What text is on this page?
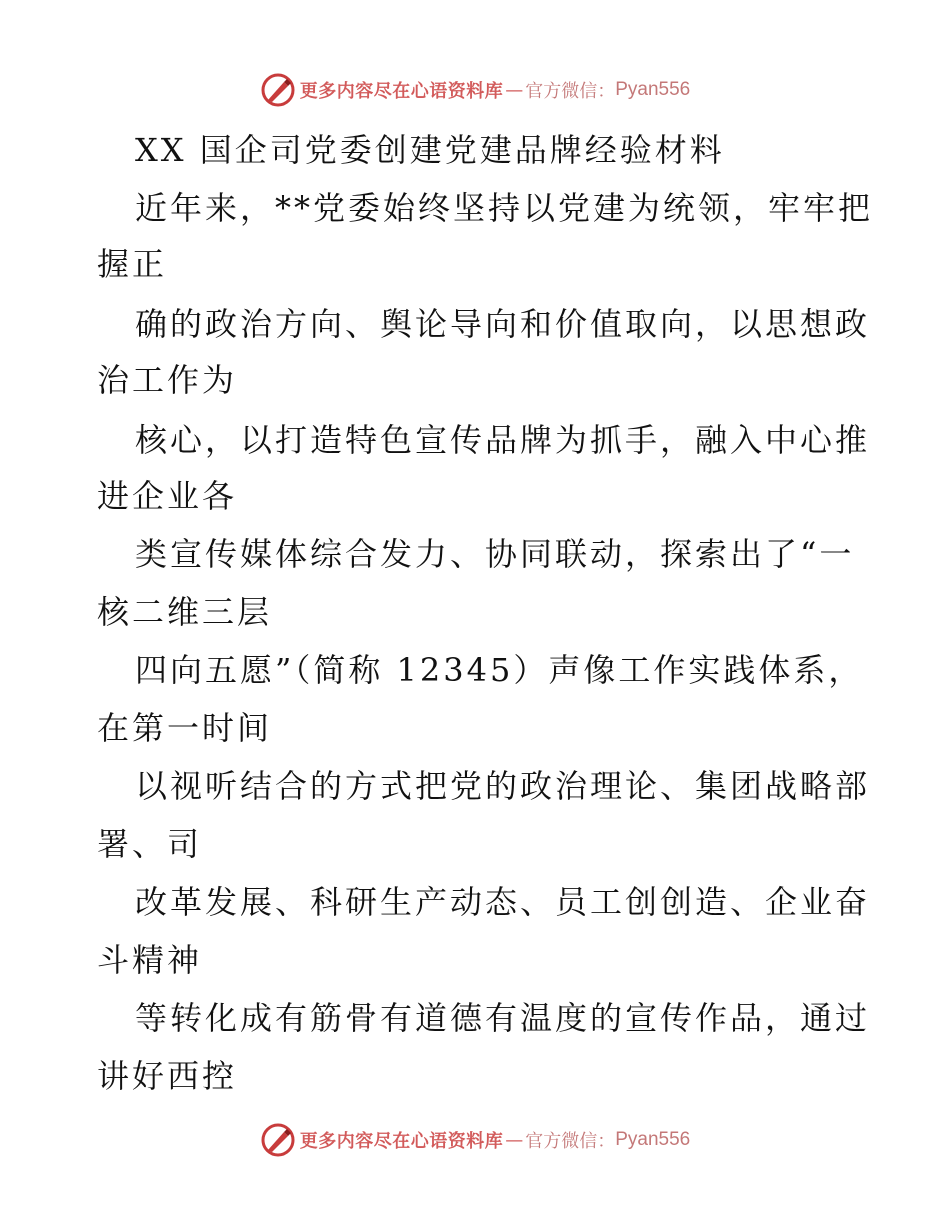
更多内容尽在心语资料库 — 官方微信： Pyan556
XX 国企司党委创建党建品牌经验材料
近年来，**党委始终坚持以党建为统领，牢牢把
握正
确的政治方向、舆论导向和价值取向，以思想政
治工作为
核心，以打造特色宣传品牌为抓手，融入中心推
进企业各
类宣传媒体综合发力、协同联动，探索出了“一
核二维三层
四向五愿”（简称 12345）声像工作实践体系，
在第一时间
以视听结合的方式把党的政治理论、集团战略部
署、司
改革发展、科研生产动态、员工创创造、企业奋
斗精神
等转化成有筋骨有道德有温度的宣传作品，通过
讲好西控
更多内容尽在心语资料库 — 官方微信： Pyan556
